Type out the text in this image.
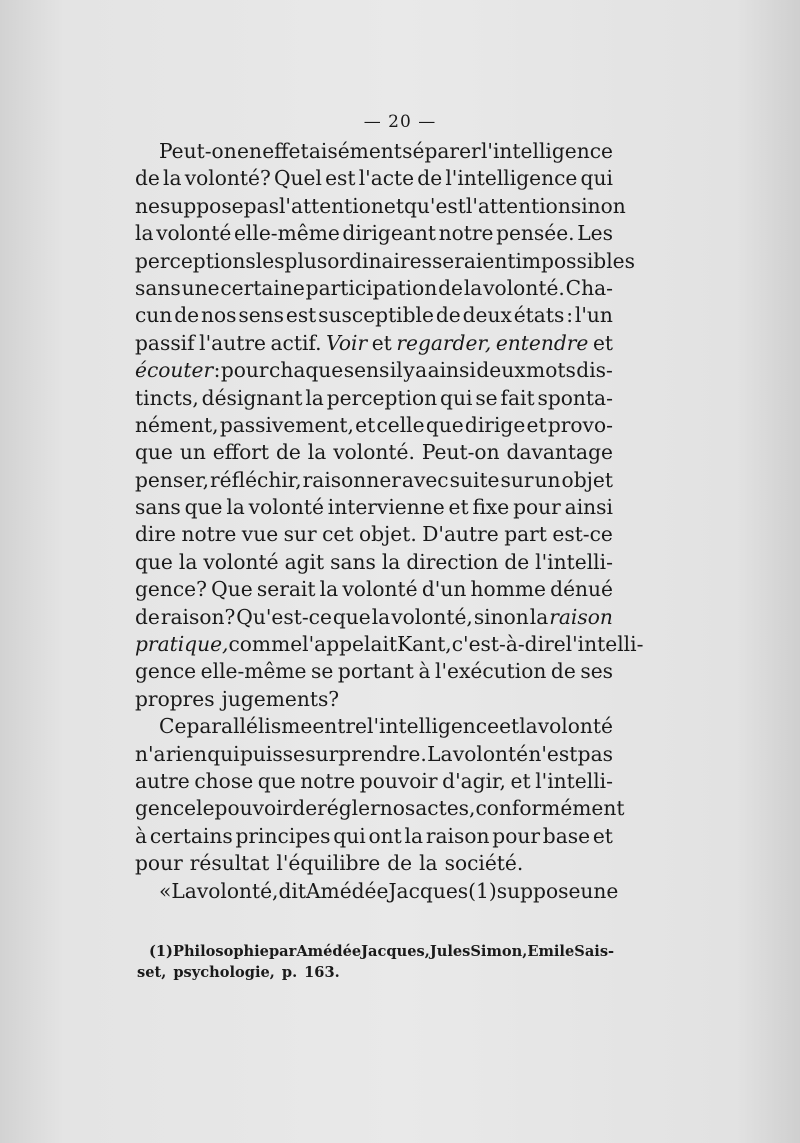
— 20 —
Peut-on en effet aisément séparer l'intelligence
de la volonté? Quel est l'acte de l'intelligence qui
ne suppose pas l'attention et qu'est l'attention sinon
la volonté elle-même dirigeant notre pensée. Les
perceptions les plus ordinaires seraient impossibles
sans une certaine participation de la volonté. Cha-
cun de nos sens est susceptible de deux états : l'un
passif l'autre actif. Voir et regarder, entendre et
écouter : pour chaque sens il y a ainsi deux mots dis-
tincts, désignant la perception qui se fait sponta-
nément, passivement, et celle que dirige et provo-
que un effort de la volonté. Peut-on davantage
penser, réfléchir, raisonner avec suite sur un objet
sans que la volonté intervienne et fixe pour ainsi
dire notre vue sur cet objet. D'autre part est-ce
que la volonté agit sans la direction de l'intelli-
gence? Que serait la volonté d'un homme dénué
de raison? Qu'est-ce que la volonté, sinon la raison
pratique, comme l'appelait Kant, c'est-à-dire l'intelli-
gence elle-même se portant à l'exécution de ses
propres jugements?
Ce parallélisme entre l'intelligence et la volonté
n'a rien qui puisse surprendre. La volonté n'est pas
autre chose que notre pouvoir d'agir, et l'intelli-
gence le pouvoir de régler nos actes, conformément
à certains principes qui ont la raison pour base et
pour résultat l'équilibre de la société.
« La volonté, dit Amédée Jacques (1) suppose une
(1) Philosophie par Amédée Jacques, Jules Simon, Emile Sais-
set, psychologie, p. 163.
